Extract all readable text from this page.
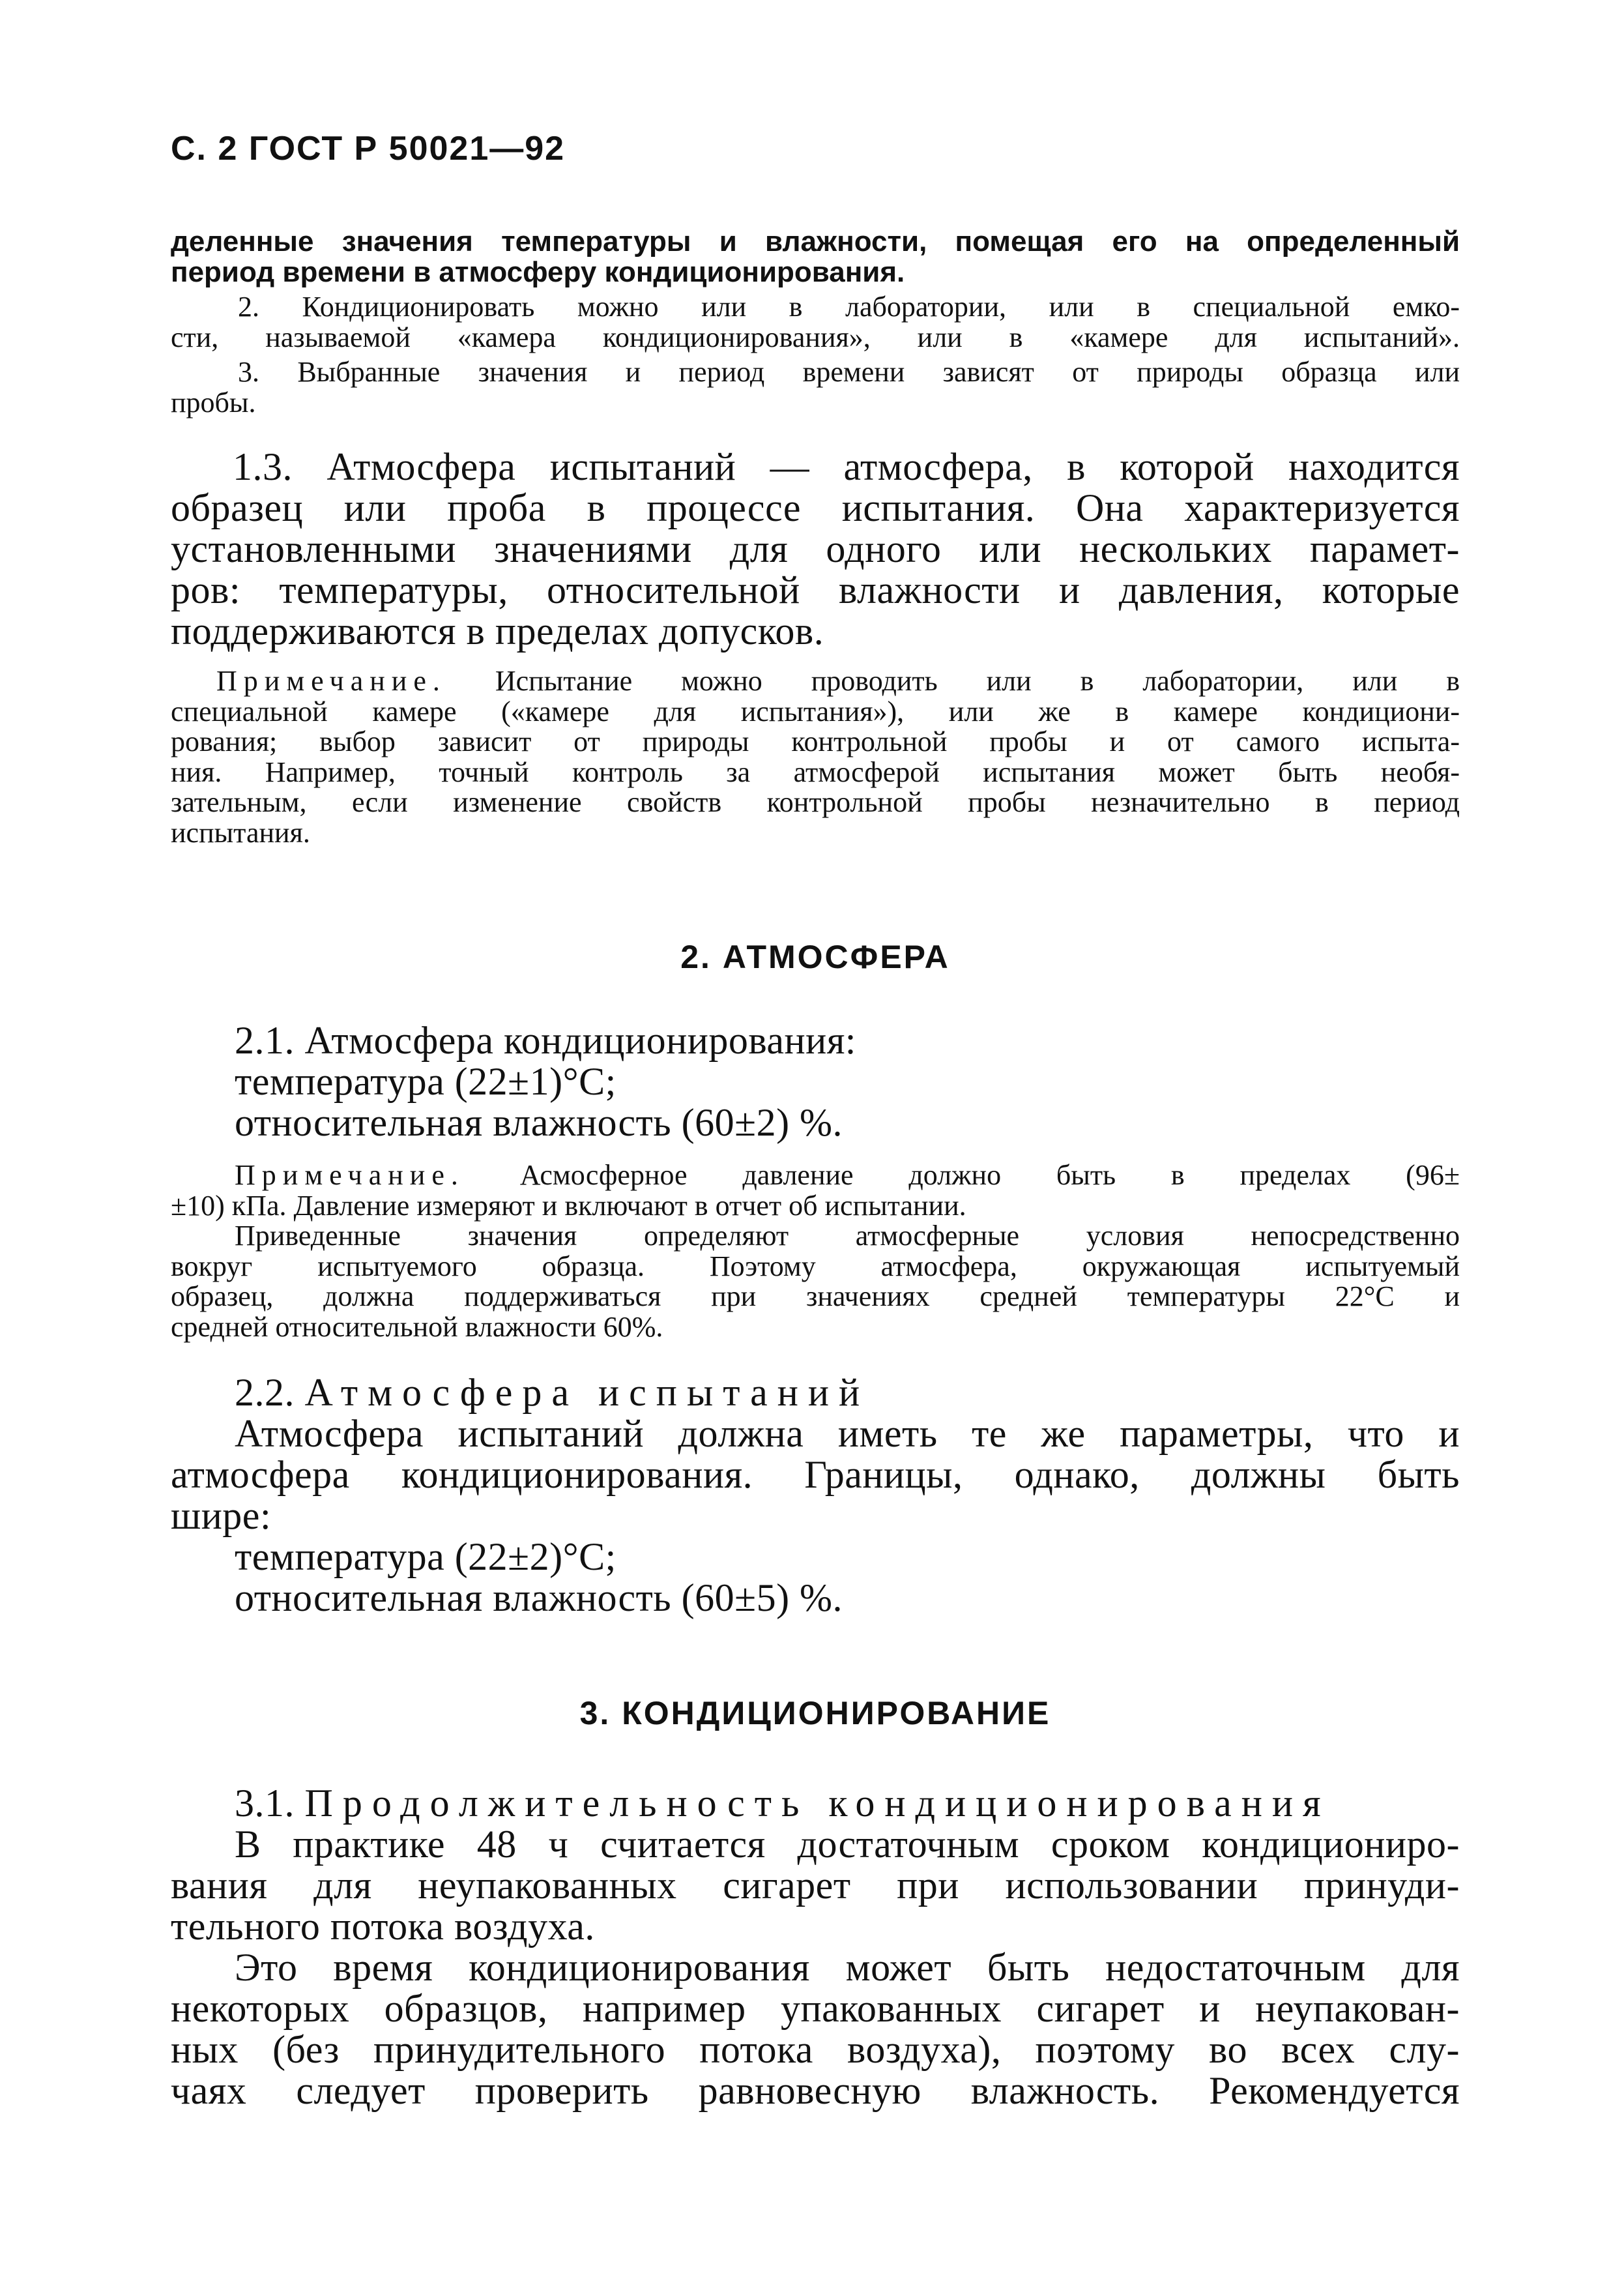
С. 2 ГОСТ Р 50021—92
деленные значения температуры и влажности, помещая его на определенный
период времени в атмосферу кондиционирования.
2. Кондиционировать можно или в лаборатории, или в специальной емко-
сти, называемой «камера кондиционирования», или в «камере для испытаний».
3. Выбранные значения и период времени зависят от природы образца или
пробы.
1.3. Атмосфера испытаний — атмосфера, в которой находится
образец или проба в процессе испытания. Она характеризуется
установленными значениями для одного или нескольких парамет-
ров: температуры, относительной влажности и давления, которые
поддерживаются в пределах допусков.
Примечание. Испытание можно проводить или в лаборатории, или в
специальной камере («камере для испытания»), или же в камере кондициони-
рования; выбор зависит от природы контрольной пробы и от самого испыта-
ния. Например, точный контроль за атмосферой испытания может быть необя-
зательным, если изменение свойств контрольной пробы незначительно в период
испытания.
2. АТМОСФЕРА
2.1. Атмосфера кондиционирования:
температура (22±1)°C;
относительная влажность (60±2) %.
Примечание. Асмосферное давление должно быть в пределах (96±
±10) кПа. Давление измеряют и включают в отчет об испытании.
Приведенные значения определяют атмосферные условия непосредственно
вокруг испытуемого образца. Поэтому атмосфера, окружающая испытуемый
образец, должна поддерживаться при значениях средней температуры 22°C и
средней относительной влажности 60%.
2.2. Атмосфера испытаний
Атмосфера испытаний должна иметь те же параметры, что и
атмосфера кондиционирования. Границы, однако, должны быть
шире:
температура (22±2)°C;
относительная влажность (60±5) %.
3. КОНДИЦИОНИРОВАНИЕ
3.1. Продолжительность кондиционирования
В практике 48 ч считается достаточным сроком кондициониро-
вания для неупакованных сигарет при использовании принуди-
тельного потока воздуха.
Это время кондиционирования может быть недостаточным для
некоторых образцов, например упакованных сигарет и неупакован-
ных (без принудительного потока воздуха), поэтому во всех слу-
чаях следует проверить равновесную влажность. Рекомендуется
